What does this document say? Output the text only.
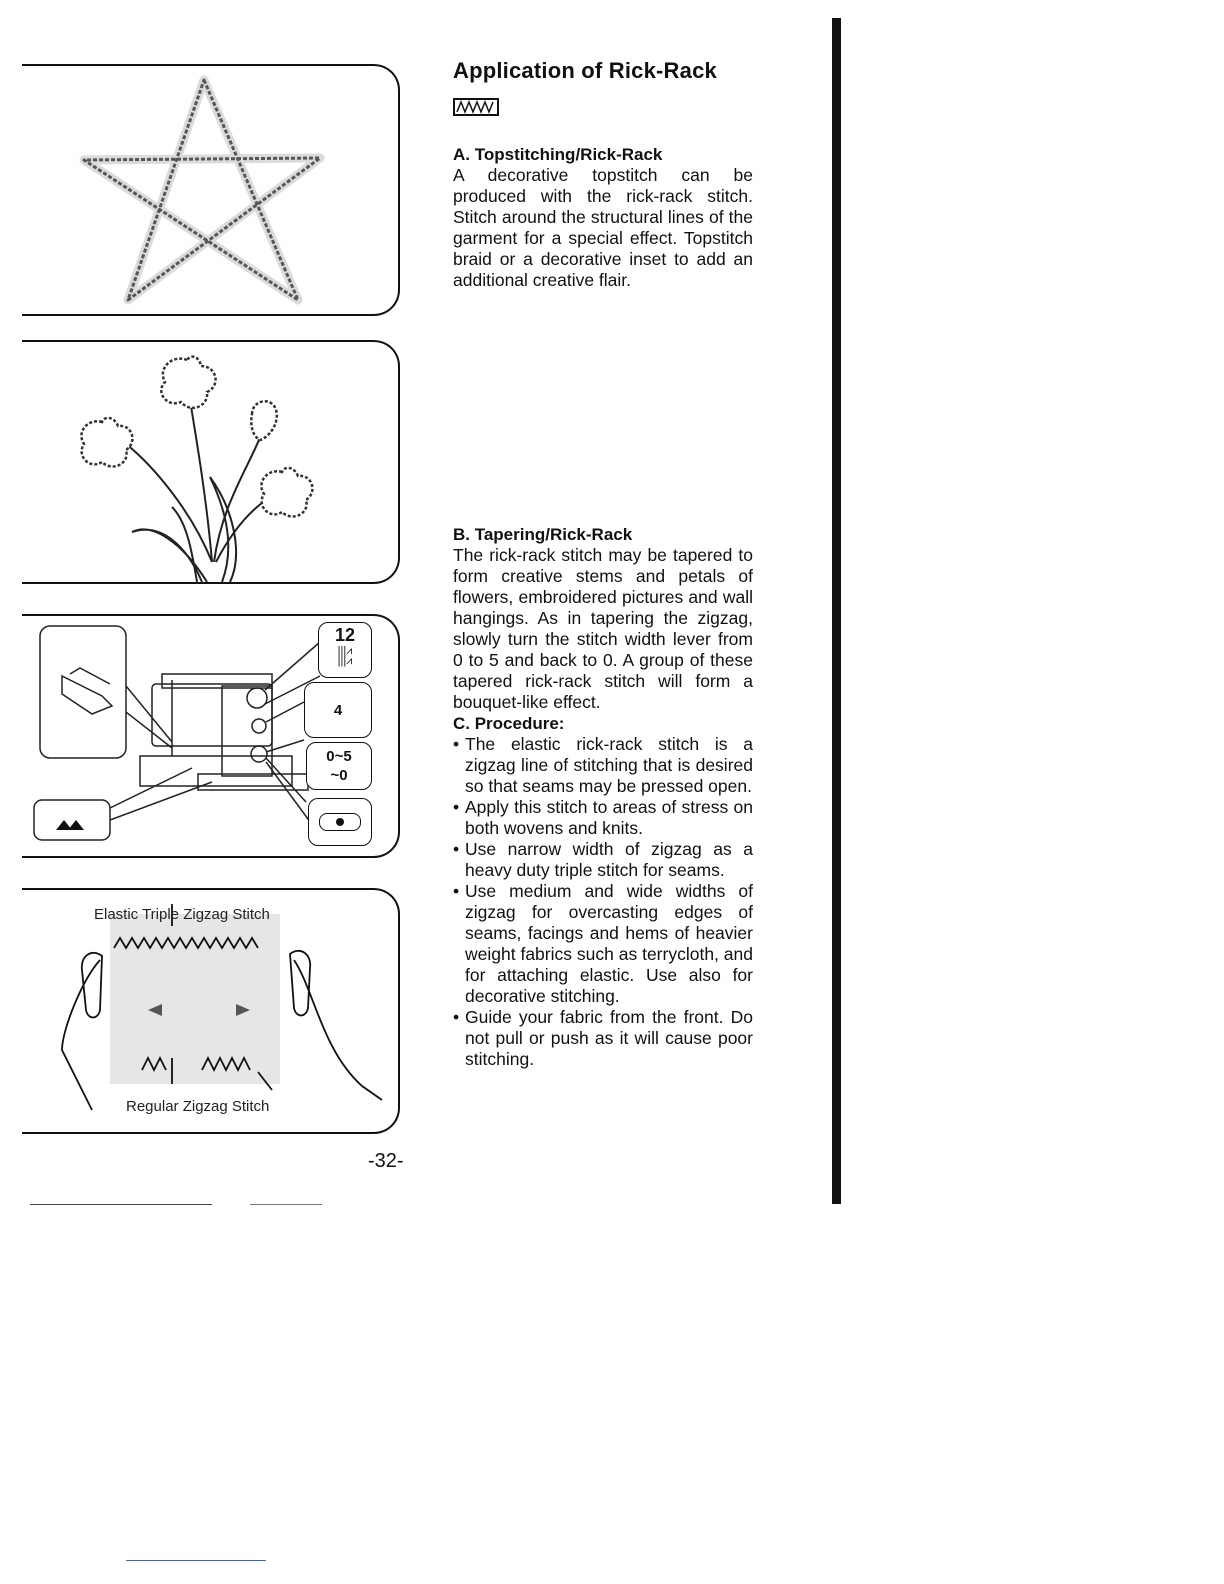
12
|||⩘
|||⩘
4
0~5
~0
Elastic Triple Zigzag Stitch
Regular Zigzag Stitch
Application of Rick-Rack
A. Topstitching/Rick-Rack

A decorative topstitch can be produced with the rick-rack stitch. Stitch around the structural lines of the garment for a special effect. Topstitch braid or a decorative inset to add an additional creative flair.

B. Tapering/Rick-Rack

The rick-rack stitch may be tapered to form creative stems and petals of flowers, embroidered pictures and wall hangings. As in tapering the zigzag, slowly turn the stitch width lever from 0 to 5 and back to 0. A group of these tapered rick-rack stitch will form a bouquet-like effect.

C. Procedure:
• The elastic rick-rack stitch is a zigzag line of stitching that is desired so that seams may be pressed open.
• Apply this stitch to areas of stress on both wovens and knits.
• Use narrow width of zigzag as a heavy duty triple stitch for seams.
• Use medium and wide widths of zigzag for overcasting edges of seams, facings and hems of heavier weight fabrics such as terrycloth, and for attaching elastic. Use also for decorative stitching.
• Guide your fabric from the front. Do not pull or push as it will cause poor stitching.
-32-
